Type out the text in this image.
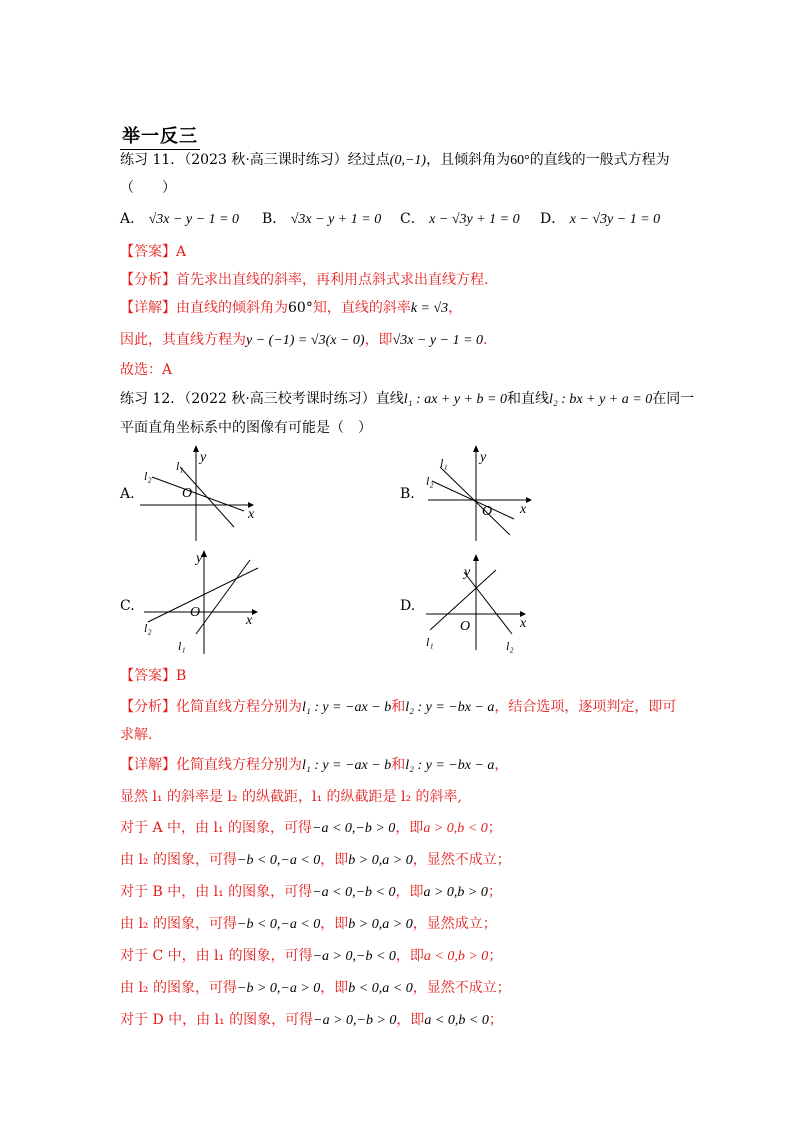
举一反三
练习 11．（2023 秋·高三课时练习）经过点(0,−1)，且倾斜角为60°的直线的一般式方程为
（　　）
A． √3x − y − 1 = 0 B． √3x − y + 1 = 0 C． x − √3y + 1 = 0 D． x − √3y − 1 = 0
【答案】A
【分析】首先求出直线的斜率，再利用点斜式求出直线方程.
【详解】由直线的倾斜角为60°知，直线的斜率k = √3，
因此，其直线方程为y − (−1) = √3(x − 0)，即√3x − y − 1 = 0.
故选：A
练习 12．（2022 秋·高三校考课时练习）直线l₁ : ax + y + b = 0和直线l₂ : bx + y + a = 0在同一
平面直角坐标系中的图像有可能是（　）
A.
x
y
O
l₂
l₁
B.
x
y
O
l₂
l₁
C.
x
y
O
l₂
l₁
D.
x
y
O
l₁	l₂
【答案】B
【分析】化简直线方程分别为l₁ : y = −ax − b和l₂ : y = −bx − a，结合选项，逐项判定，即可
求解.
【详解】化简直线方程分别为l₁ : y = −ax − b和l₂ : y = −bx − a，
显然 l₁ 的斜率是 l₂ 的纵截距，l₁ 的纵截距是 l₂ 的斜率,
对于 A 中，由 l₁ 的图象，可得−a < 0,−b > 0，即a > 0,b < 0；
由 l₂ 的图象，可得−b < 0,−a < 0，即b > 0,a > 0，显然不成立；
对于 B 中，由 l₁ 的图象，可得−a < 0,−b < 0，即a > 0,b > 0；
由 l₂ 的图象，可得−b < 0,−a < 0，即b > 0,a > 0，显然成立；
对于 C 中，由 l₁ 的图象，可得−a > 0,−b < 0，即a < 0,b > 0；
由 l₂ 的图象，可得−b > 0,−a > 0，即b < 0,a < 0，显然不成立；
对于 D 中，由 l₁ 的图象，可得−a > 0,−b > 0，即a < 0,b < 0；
